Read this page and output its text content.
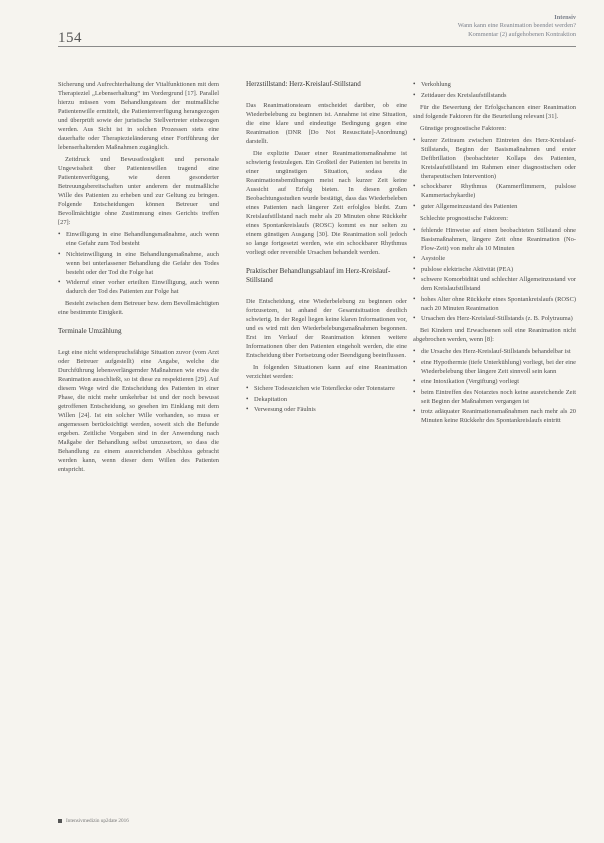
154
Intensiv
Wann kann eine Reanimation beendet werden?
Kommentar (2) aufgehobenen Kontraktion

Sicherung und Aufrechterhaltung der Vitalfunktionen mit dem Therapieziel „Lebenserhaltung“ im Vordergrund [17]. Parallel hierzu müssen vom Behandlungsteam der mutmaßliche Patientenwille ermittelt, die Patientenverfügung herangezogen und überprüft sowie der juristische Stellvertreter einbezogen werden. Aus Sicht ist in solchen Prozessen stets eine dauerhafte oder Therapiezieländerung einer Fortführung der lebenserhaltenden Maßnahmen zugänglich.

Zeitdruck und Bewusstlosigkeit und personale Ungewissheit über Patientenwillen tragend eine Patientenverfügung, wie deren gesonderter Betreuungsbereitschaften unter anderem der mutmaßliche Wille des Patienten zu erheben und zur Geltung zu bringen. Folgende Entscheidungen können Betreuer und Bevollmächtigte ohne Zustimmung eines Gerichts treffen [27]:

• Einwilligung in eine Behandlungsmaßnahme, auch wenn eine Gefahr zum Tod besteht
• Nichteinwilligung in eine Behandlungsmaßnahme, auch wenn bei unterlassener Behandlung die Gefahr des Todes besteht oder der Tod die Folge hat
• Widerruf einer vorher erteilten Einwilligung, auch wenn dadurch der Tod des Patienten zur Folge hat

Besteht zwischen dem Betreuer bzw. dem Bevollmächtigten eine bestimmte Einigkeit.

Terminale Umzählung

Legt eine nicht widerspruchsfähige Situation zuvor (vom Arzt oder Betreuer aufgestellt) eine Angabe, welche die Durchführung lebensverlängernder Maßnahmen wie etwa die Reanimation ausschließt, so ist diese zu respektieren [29]. Auf diesem Wege wird die Entscheidung des Patienten in einer Phase, die nicht mehr umkehrbar ist und der noch bewusst getroffenen Entscheidung, so gesehen im Einklang mit dem Willen [24]. Ist ein solcher Wille vorhanden, so muss er angemessen berücksichtigt werden, soweit sich die Befunde ergeben. Zeitliche Vorgaben sind in der Anwendung nach Maßgabe der Behandlung selbst umzusetzen, so dass die Behandlung zu einem ausreichenden Abschluss gebracht werden kann, wenn dieser dem Willen des Patienten entspricht.

Herzstillstand: Herz-Kreislauf-Stillstand

Das Reanimationsteam entscheidet darüber, ob eine Wiederbelebung zu beginnen ist. Annahme ist eine Situation, die eine klare und eindeutige Bedingung gegen eine Reanimation (DNR [Do Not Resuscitate]-Anordnung) darstellt.

Die explizite Dauer einer Reanimationsmaßnahme ist schwierig festzulegen. Ein Großteil der Patienten ist bereits in einer ungünstigen Situation, sodass die Reanimationsbemühungen meist nach kurzer Zeit keine Aussicht auf Erfolg bieten. In diesen großen Beobachtungsstudien wurde bestätigt, dass das Wiederbeleben eines Patienten nach längerer Zeit erfolglos bleibt. Zum Kreislaufstillstand nach mehr als 20 Minuten ohne Rückkehr eines Spontankreislaufs (ROSC) kommt es nur selten zu einem günstigen Ausgang [30]. Die Reanimation soll jedoch so lange fortgesetzt werden, wie ein schockbarer Rhythmus vorliegt oder reversible Ursachen behandelt werden.

Praktischer Behandlungsablauf im Herz-Kreislauf-Stillstand

Die Entscheidung, eine Wiederbelebung zu beginnen oder fortzusetzen, ist anhand der Gesamtsituation deutlich schwierig. In der Regel liegen keine klaren Informationen vor, und es wird mit den Wiederbelebungsmaßnahmen begonnen. Erst im Verlauf der Reanimation können weitere Informationen über den Patienten eingeholt werden, die eine Entscheidung über Fortsetzung oder Beendigung beeinflussen.

In folgenden Situationen kann auf eine Reanimation verzichtet werden:

• Sichere Todeszeichen wie Totenflecke oder Totenstarre
• Dekapitation
• Verwesung oder Fäulnis
• Verkohlung
• Zeitdauer des Kreislaufstillstands

Für die Bewertung der Erfolgschancen einer Reanimation sind folgende Faktoren für die Beurteilung relevant [31].

Günstige prognostische Faktoren:

• kurzer Zeitraum zwischen Eintreten des Herz-Kreislauf-Stillstands, Beginn der Basismaßnahmen und erster Defibrillation (beobachteter Kollaps des Patienten, Kreislaufstillstand im Rahmen einer diagnostischen oder therapeutischen Intervention)
• schockbarer Rhythmus (Kammerflimmern, pulslose Kammertachykardie)
• guter Allgemeinzustand des Patienten

Schlechte prognostische Faktoren:

• fehlende Hinweise auf einen beobachteten Stillstand ohne Basismaßnahmen, längere Zeit ohne Reanimation (No-Flow-Zeit) von mehr als 10 Minuten
• Asystolie
• pulslose elektrische Aktivität (PEA)
• schwere Komorbidität und schlechter Allgemeinzustand vor dem Kreislaufstillstand
• hohes Alter ohne Rückkehr eines Spontankreislaufs (ROSC) nach 20 Minuten Reanimation
• Ursachen des Herz-Kreislauf-Stillstands (z. B. Polytrauma)

Bei Kindern und Erwachsenen soll eine Reanimation nicht abgebrochen werden, wenn [8]:

• die Ursache des Herz-Kreislauf-Stillstands behandelbar ist
• eine Hypothermie (tiefe Unterkühlung) vorliegt, bei der eine Wiederbelebung über längere Zeit sinnvoll sein kann
• eine Intoxikation (Vergiftung) vorliegt
• beim Eintreffen des Notarztes noch keine ausreichende Zeit seit Beginn der Maßnahmen vergangen ist
• trotz adäquater Reanimationsmaßnahmen nach mehr als 20 Minuten keine Rückkehr des Spontankreislaufs eintritt
Intensivmedizin up2date 2016
